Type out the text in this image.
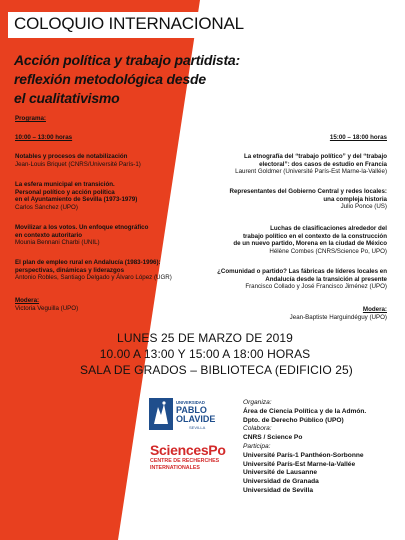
COLOQUIO INTERNACIONAL
Acción política y trabajo partidista:
reflexión metodológica desde
el cualitativismo
Programa:
10:00 – 13:00 horas
Notables y procesos de notabilización
Jean-Louis Briquet (CNRS/Université París-1)
La esfera municipal en transición.
Personal político y acción política
en el Ayuntamiento de Sevilla (1973-1979)
Carlos Sánchez (UPO)
Movilizar a los votos. Un enfoque etnográfico
en contexto autoritario
Mounia Bennani Charbi (UNIL)
El plan de empleo rural en Andalucía (1983-1996):
perspectivas, dinámicas y liderazgos
Antonio Robles, Santiago Delgado y Álvaro López (UGR)
Modera:
Victoria Veguilla (UPO)
15:00 – 18:00 horas
La etnografía del “trabajo político” y del “trabajo
electoral”: dos casos de estudio en Francia
Laurent Goldmer (Université París-Est Marne-la-Vallée)
Representantes del Gobierno Central y redes locales:
una compleja historia
Julio Ponce (US)
Luchas de clasificaciones alrededor del
trabajo político en el contexto de la construcción
de un nuevo partido, Morena en la ciudad de México
Hélène Combes (CNRS/Science Po, UPO)
¿Comunidad o partido? Las fábricas de líderes locales en
Andalucía desde la transición al presente
Francisco Collado y José Francisco Jiménez (UPO)
Modera:
Jean-Baptiste Harguindéguy (UPO)
LUNES 25 DE MARZO DE 2019
10.00 A 13:00 Y 15:00 A 18:00 HORAS
SALA DE GRADOS – BIBLIOTECA (EDIFICIO 25)
UNIVERSIDAD
PABLO
OLAVIDE
SEVILLA
SciencesPo
CENTRE DE RECHERCHES
INTERNATIONALES
Organiza:
Área de Ciencia Política y de la Admón.
Dpto. de Derecho Público (UPO)
Colabora:
CNRS / Science Po
Participa:
Université París-1 Panthéon-Sorbonne
Université París-Est Marne-la-Vallée
Université de Lausanne
Universidad de Granada
Universidad de Sevilla
